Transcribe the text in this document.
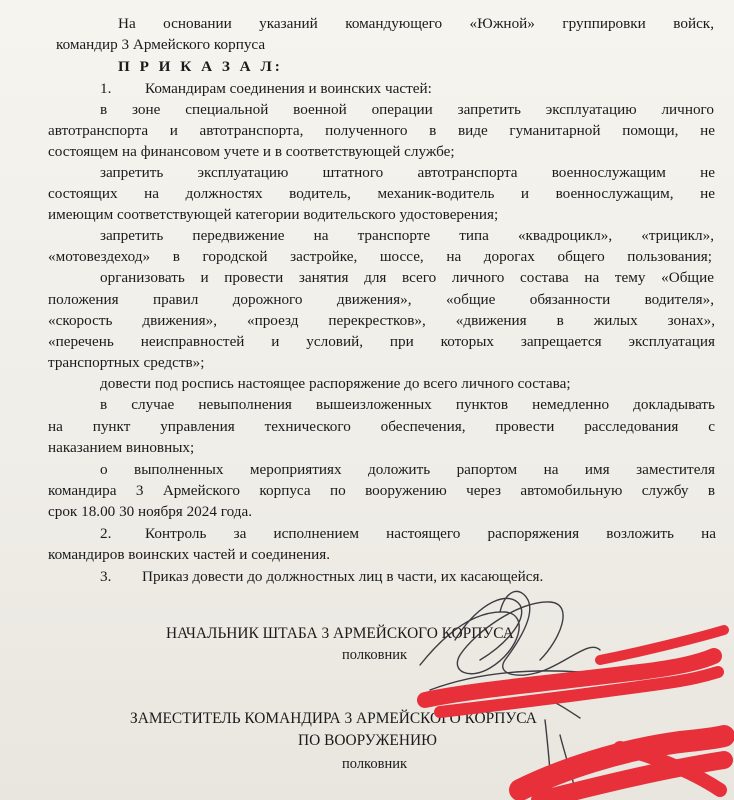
На основании указаний командующего «Южной» группировки войск,
командир 3 Армейского корпуса
П Р И К А З А Л:
1. Командирам соединения и воинских частей:
в зоне специальной военной операции запретить эксплуатацию личного
автотранспорта и автотранспорта, полученного в виде гуманитарной помощи, не
состоящем на финансовом учете и в соответствующей службе;
запретить эксплуатацию штатного автотранспорта военнослужащим не
состоящих на должностях водитель, механик-водитель и военнослужащим, не
имеющим соответствующей категории водительского удостоверения;
запретить передвижение на транспорте типа «квадроцикл», «трицикл»,
«мотовездеход» в городской застройке, шоссе, на дорогах общего пользования;
организовать и провести занятия для всего личного состава на тему «Общие
положения правил дорожного движения», «общие обязанности водителя»,
«скорость движения», «проезд перекрестков», «движения в жилых зонах»,
«перечень неисправностей и условий, при которых запрещается эксплуатация
транспортных средств»;
довести под роспись настоящее распоряжение до всего личного состава;
в случае невыполнения вышеизложенных пунктов немедленно докладывать
на пункт управления технического обеспечения, провести расследования с
наказанием виновных;
о выполненных мероприятиях доложить рапортом на имя заместителя
командира 3 Армейского корпуса по вооружению через автомобильную службу в
срок 18.00 30 ноября 2024 года.
2. Контроль за исполнением настоящего распоряжения возложить на
командиров воинских частей и соединения.
3. Приказ довести до должностных лиц в части, их касающейся.
НАЧАЛЬНИК ШТАБА 3 АРМЕЙСКОГО КОРПУСА
полковник
ЗАМЕСТИТЕЛЬ КОМАНДИРА 3 АРМЕЙСКОГО КОРПУСА
ПО ВООРУЖЕНИЮ
полковник
